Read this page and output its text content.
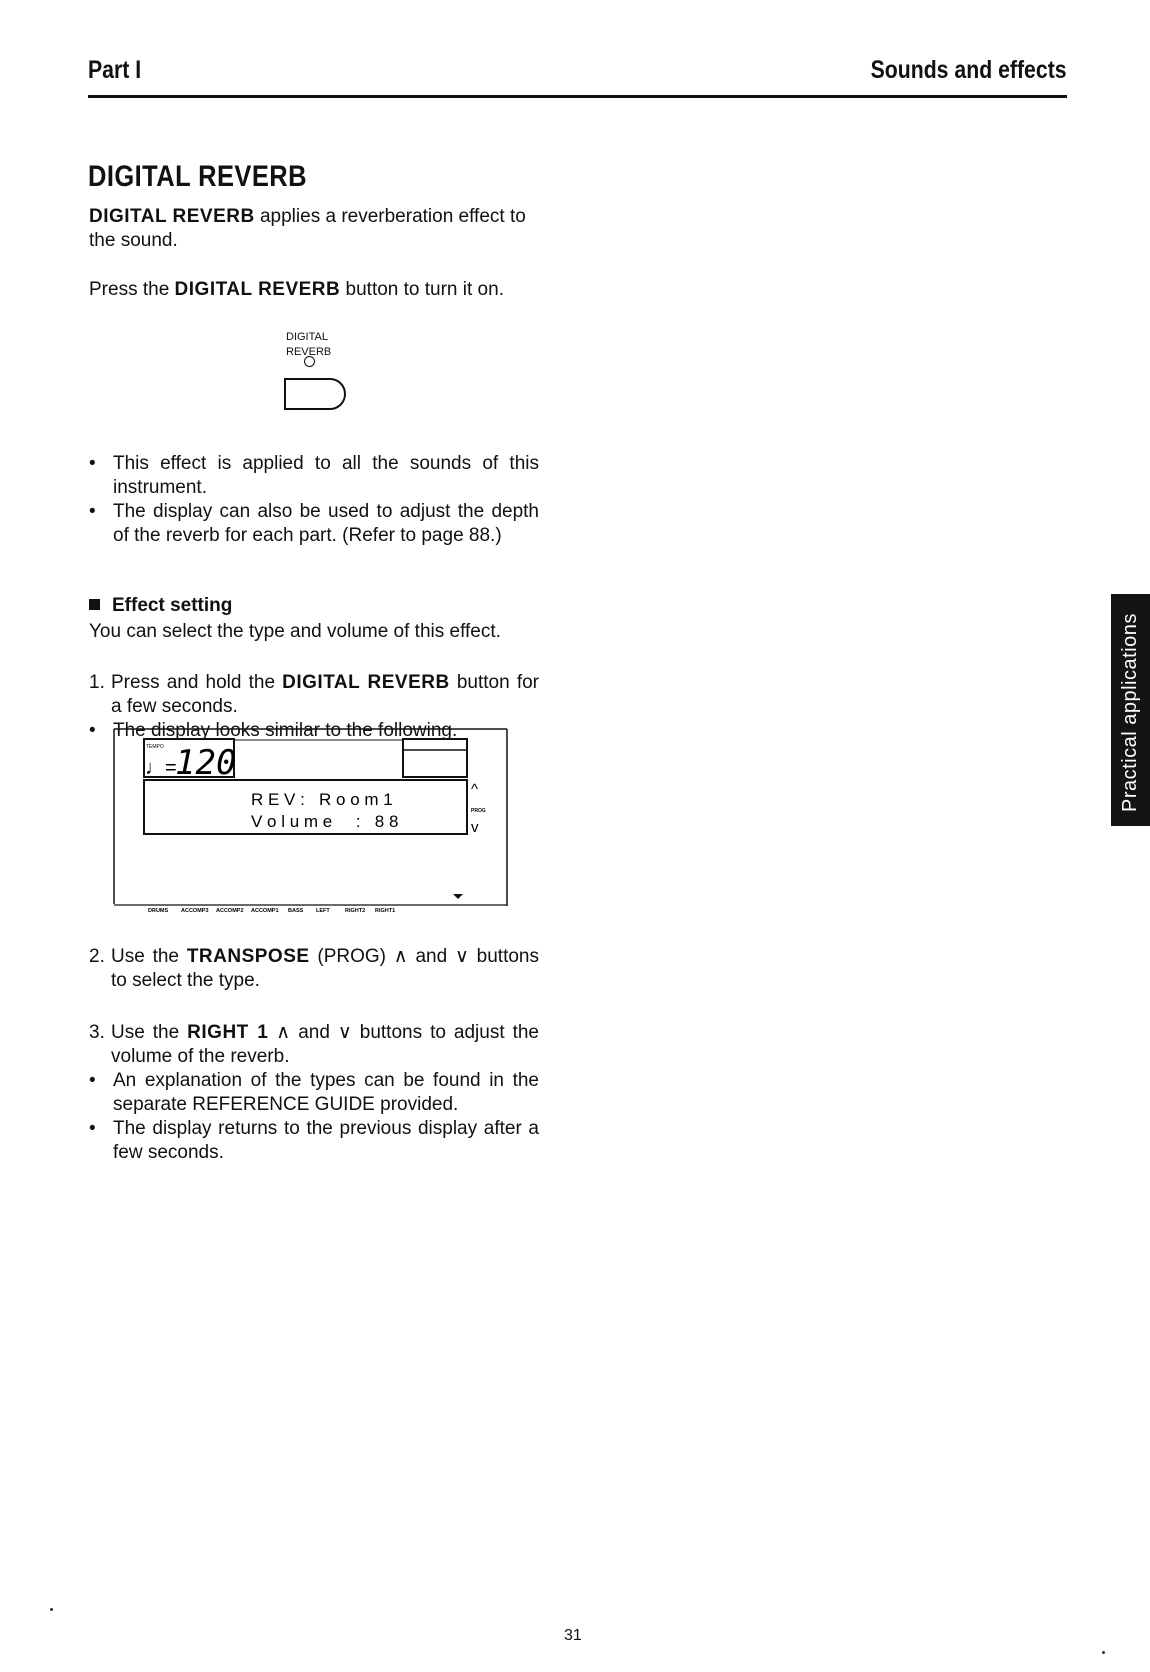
Part I	Sounds and effects
DIGITAL REVERB
DIGITAL REVERB applies a reverberation effect to the sound.
Press the DIGITAL REVERB button to turn it on.
DIGITAL
REVERB
• This effect is applied to all the sounds of this instrument.
• The display can also be used to adjust the depth of the reverb for each part. (Refer to page 88.)
Effect setting
You can select the type and volume of this effect.
1. Press and hold the DIGITAL REVERB button for a few seconds.
• The display looks similar to the following.
TEMPO
♩=
120
R E V :   R o o m 1
V o l u m e     :   8 8
^
PROG
v
DRUMS ACCOMP3 ACCOMP2 ACCOMP1 BASS LEFT	RIGHT2 RIGHT1
2. Use the TRANSPOSE (PROG) ∧ and ∨ buttons to select the type.
3. Use the RIGHT 1 ∧ and ∨ buttons to adjust the volume of the reverb.
• An explanation of the types can be found in the separate REFERENCE GUIDE provided.
• The display returns to the previous display after a few seconds.
Practical applications
31
